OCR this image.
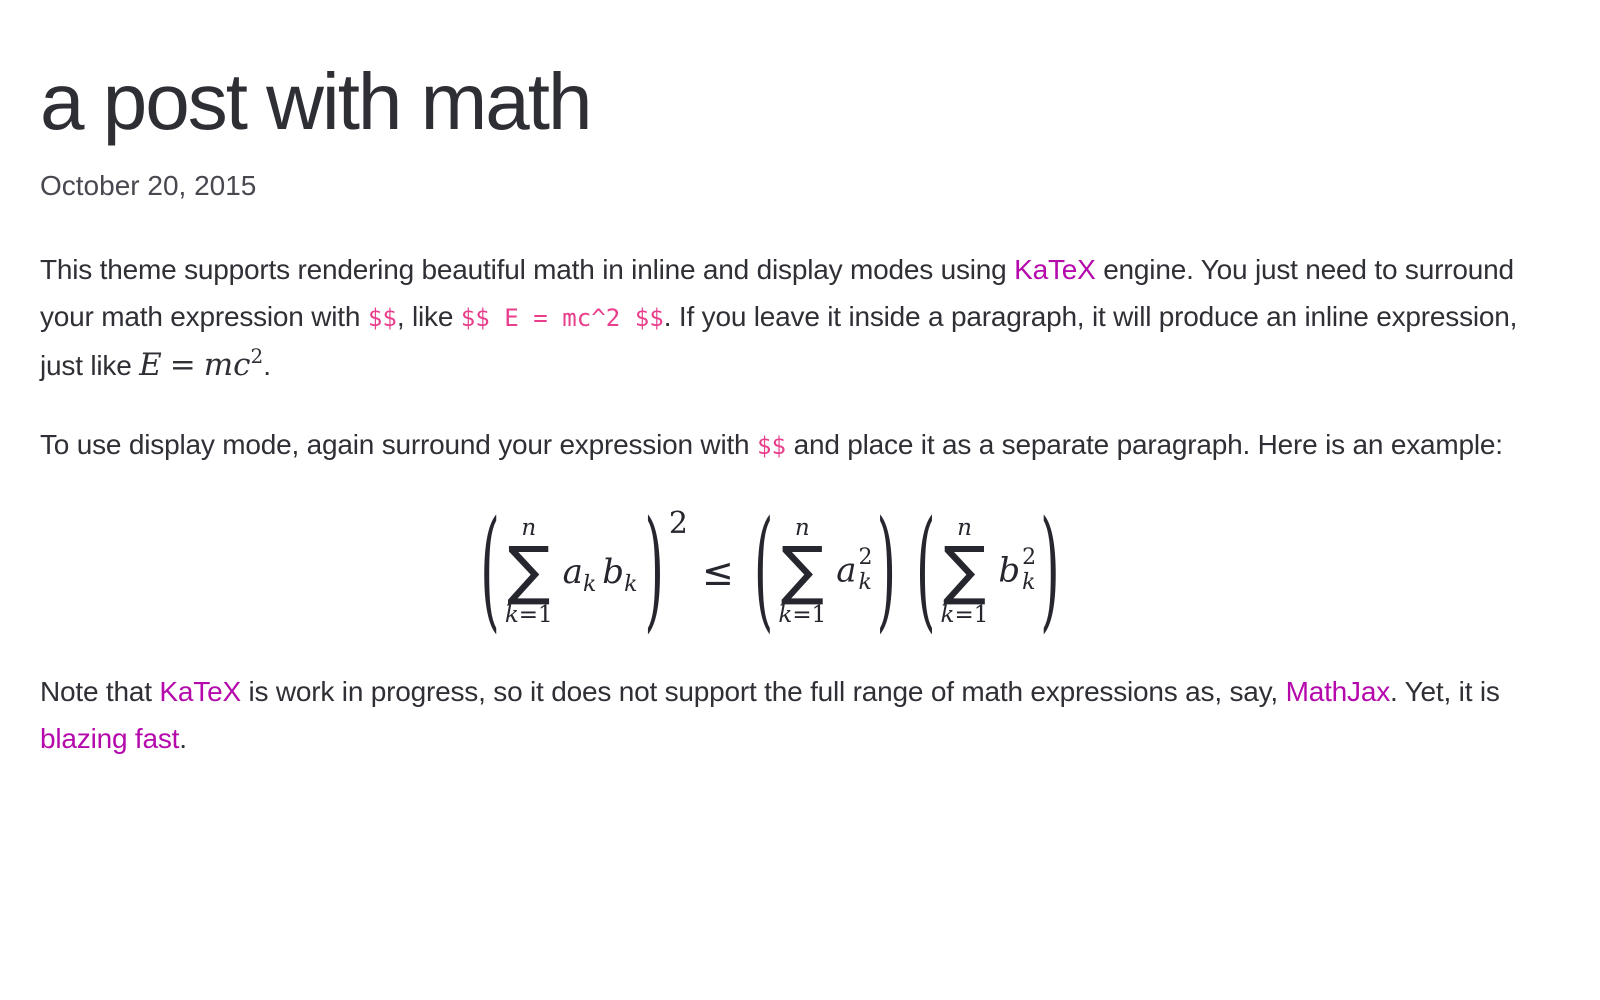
a post with math
October 20, 2015

This theme supports rendering beautiful math in inline and display modes using KaTeX engine. You just need to surround your math expression with $$, like $$ E = mc^2 $$. If you leave it inside a paragraph, it will produce an inline expression, just like $E = mc^2$.

To use display mode, again surround your expression with $$ and place it as a separate paragraph. Here is an example:

( n
∑
k=1
$a_k$ $b_k$ ) 2
≤ ( n
∑
k=1
a 2
k ) ( n
∑
k=1
b 2
k )

Note that KaTeX is work in progress, so it does not support the full range of math expressions as, say, MathJax. Yet, it is blazing fast.
